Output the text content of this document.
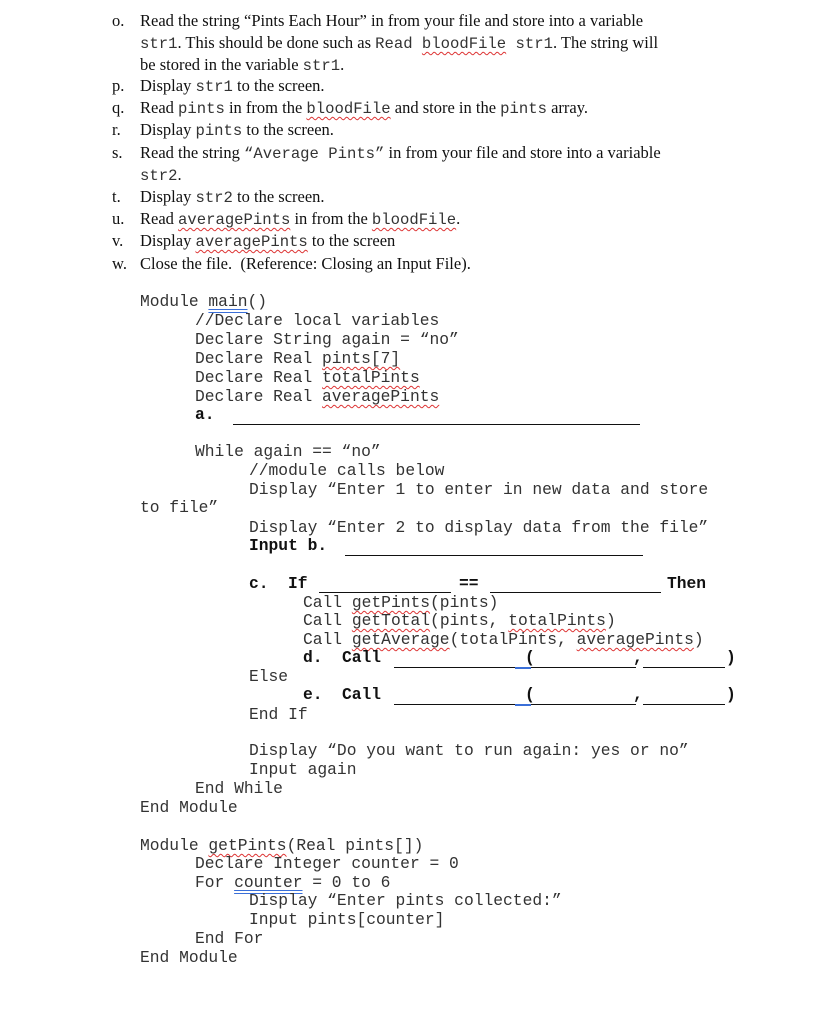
o. Read the string “Pints Each Hour” in from your file and store into a variable
str1. This should be done such as Read bloodFile str1. The string will
be stored in the variable str1.
p. Display str1 to the screen.
q. Read pints in from the bloodFile and store in the pints array.
r. Display pints to the screen.
s. Read the string “Average Pints” in from your file and store into a variable
str2.
t. Display str2 to the screen.
u. Read averagePints in from the bloodFile.
v. Display averagePints to the screen
w. Close the file.  (Reference: Closing an Input File).
Module main()
//Declare local variables
Declare String again = “no”
Declare Real pints[7]
Declare Real totalPints
Declare Real averagePints
a.
While again == “no”
//module calls below
Display “Enter 1 to enter in new data and store
to file”
Display “Enter 2 to display data from the file”
Input b.
c. If	==	Then
Call getPints(pints)
Call getTotal(pints, totalPints)
Call getAverage(totalPints, averagePints)
d. Call	(	,	)
Else
e. Call	(	,	)
End If
Display “Do you want to run again: yes or no”
Input again
End While
End Module
Module getPints(Real pints[])
Declare Integer counter = 0
For counter = 0 to 6
Display “Enter pints collected:”
Input pints[counter]
End For
End Module
